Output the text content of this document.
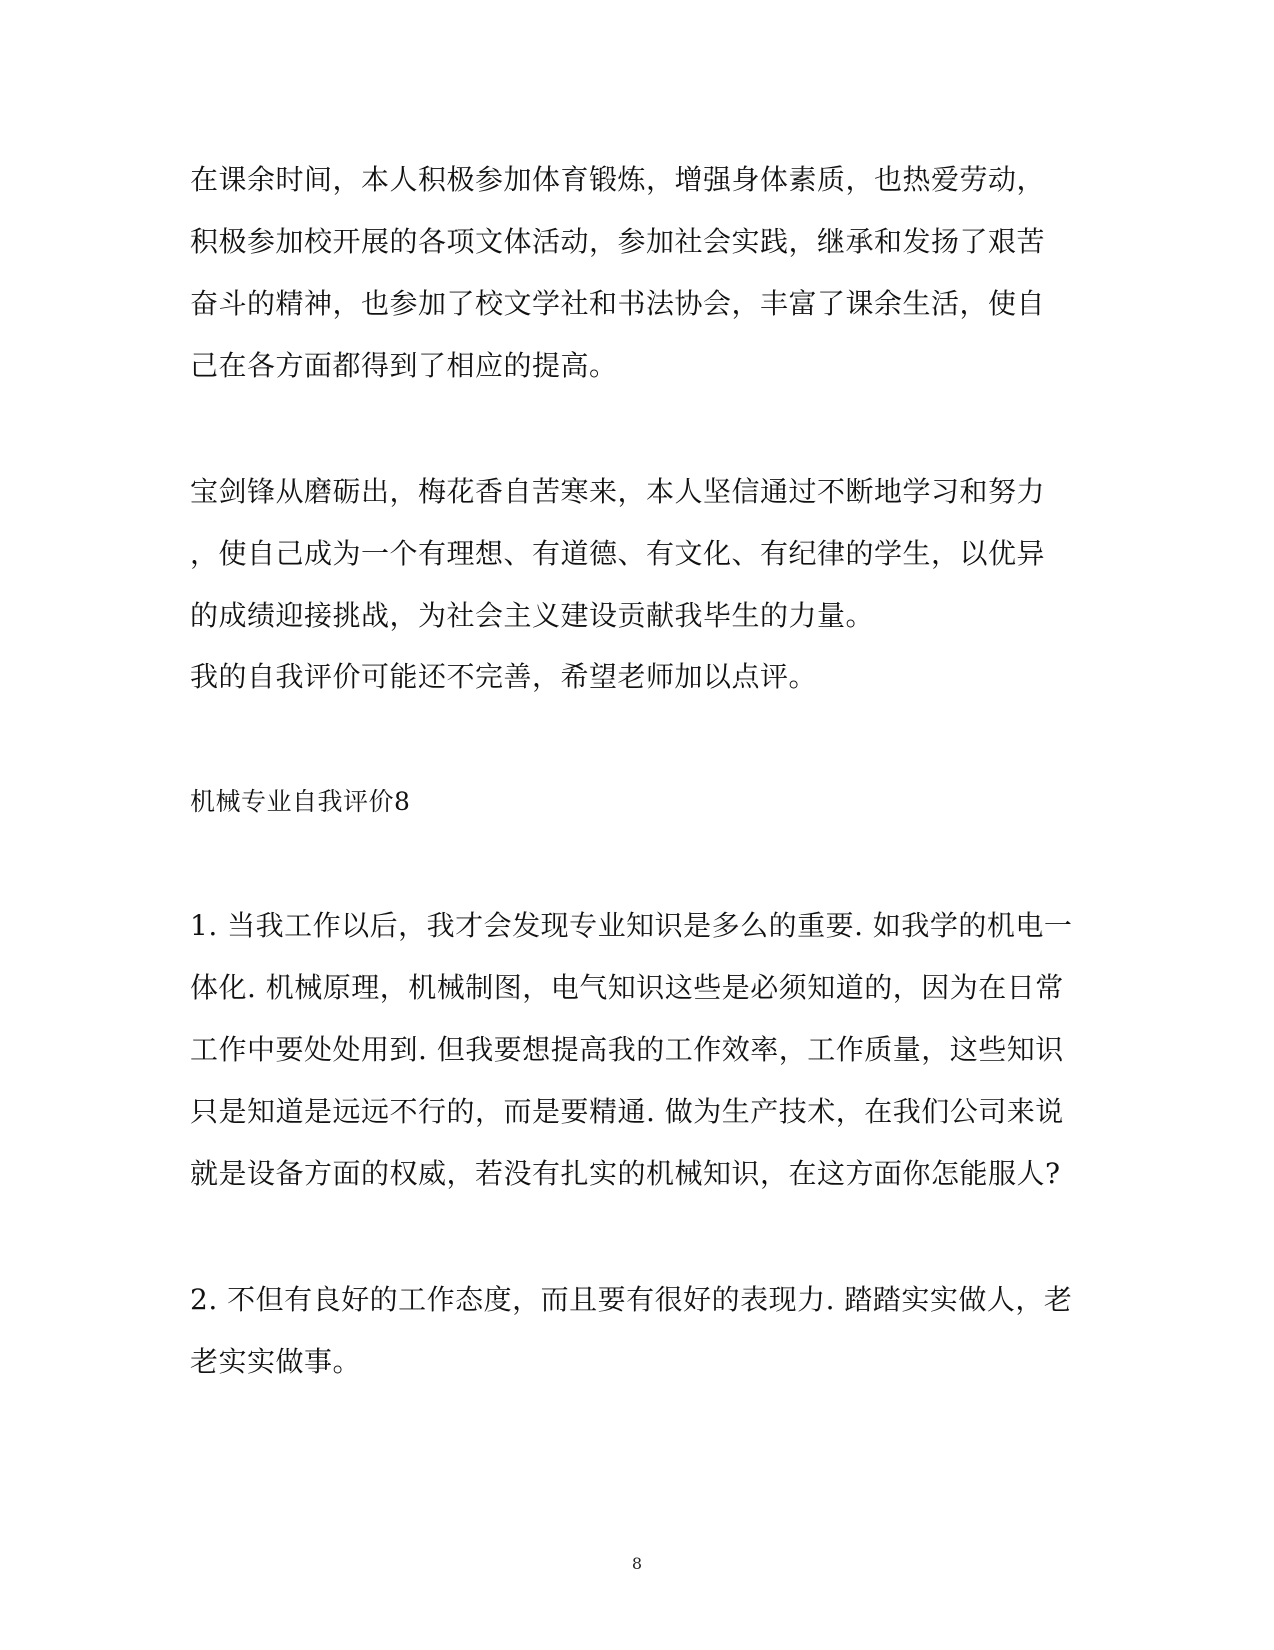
在课余时间，本人积极参加体育锻炼，增强身体素质，也热爱劳动，
积极参加校开展的各项文体活动，参加社会实践，继承和发扬了艰苦
奋斗的精神，也参加了校文学社和书法协会，丰富了课余生活，使自
己在各方面都得到了相应的提高。
宝剑锋从磨砺出，梅花香自苦寒来，本人坚信通过不断地学习和努力
，使自己成为一个有理想、有道德、有文化、有纪律的学生，以优异
的成绩迎接挑战，为社会主义建设贡献我毕生的力量。
我的自我评价可能还不完善，希望老师加以点评。
机械专业自我评价8
1. 当我工作以后，我才会发现专业知识是多么的重要. 如我学的机电一
体化. 机械原理，机械制图，电气知识这些是必须知道的，因为在日常
工作中要处处用到. 但我要想提高我的工作效率，工作质量，这些知识
只是知道是远远不行的，而是要精通. 做为生产技术，在我们公司来说
就是设备方面的权威，若没有扎实的机械知识，在这方面你怎能服人?
2. 不但有良好的工作态度，而且要有很好的表现力. 踏踏实实做人，老
老实实做事。
8
